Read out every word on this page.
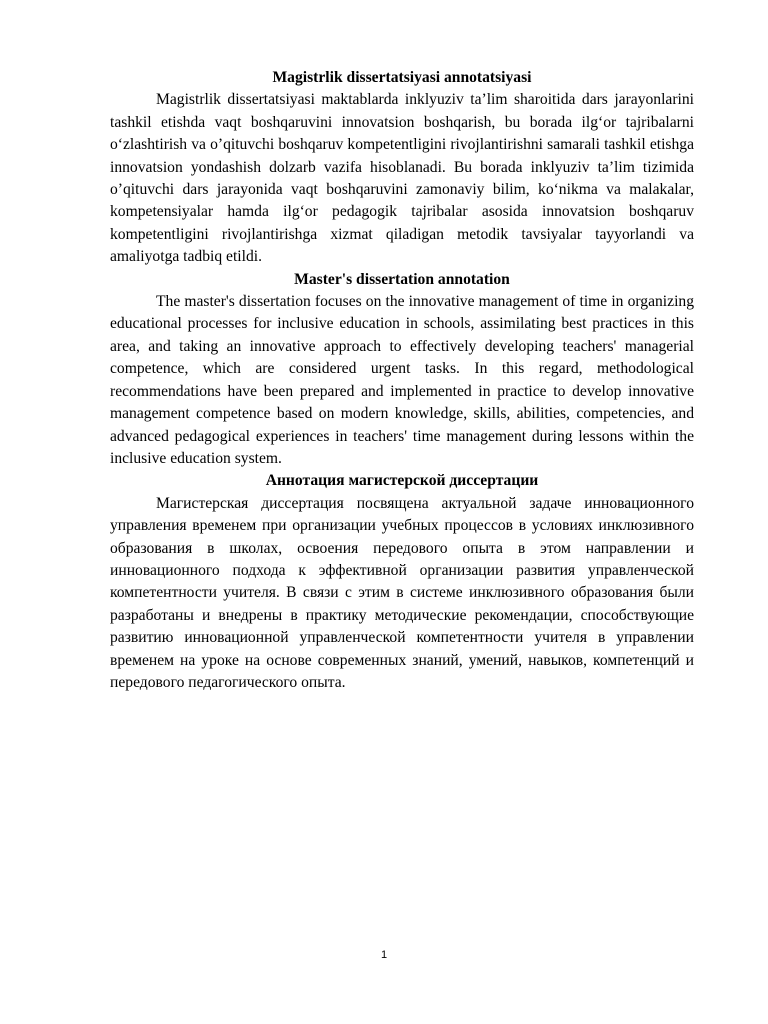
Magistrlik dissertatsiyasi annotatsiyasi

Magistrlik dissertatsiyasi maktablarda inklyuziv ta’lim sharoitida dars jarayonlarini tashkil etishda vaqt boshqaruvini innovatsion boshqarish, bu borada ilg‘or tajribalarni o‘zlashtirish va o’qituvchi boshqaruv kompetentligini rivojlantirishni samarali tashkil etishga innovatsion yondashish dolzarb vazifa hisoblanadi. Bu borada inklyuziv ta’lim tizimida o’qituvchi dars jarayonida vaqt boshqaruvini zamonaviy bilim, ko‘nikma va malakalar, kompetensiyalar hamda ilg‘or pedagogik tajribalar asosida innovatsion boshqaruv kompetentligini rivojlantirishga xizmat qiladigan metodik tavsiyalar tayyorlandi va amaliyotga tadbiq etildi.

Master's dissertation annotation

The master's dissertation focuses on the innovative management of time in organizing educational processes for inclusive education in schools, assimilating best practices in this area, and taking an innovative approach to effectively developing teachers' managerial competence, which are considered urgent tasks. In this regard, methodological recommendations have been prepared and implemented in practice to develop innovative management competence based on modern knowledge, skills, abilities, competencies, and advanced pedagogical experiences in teachers' time management during lessons within the inclusive education system.

Аннотация магистерской диссертации

Магистерская диссертация посвящена актуальной задаче инновационного управления временем при организации учебных процессов в условиях инклюзивного образования в школах, освоения передового опыта в этом направлении и инновационного подхода к эффективной организации развития управленческой компетентности учителя. В связи с этим в системе инклюзивного образования были разработаны и внедрены в практику методические рекомендации, способствующие развитию инновационной управленческой компетентности учителя в управлении временем на уроке на основе современных знаний, умений, навыков, компетенций и передового педагогического опыта.

1
